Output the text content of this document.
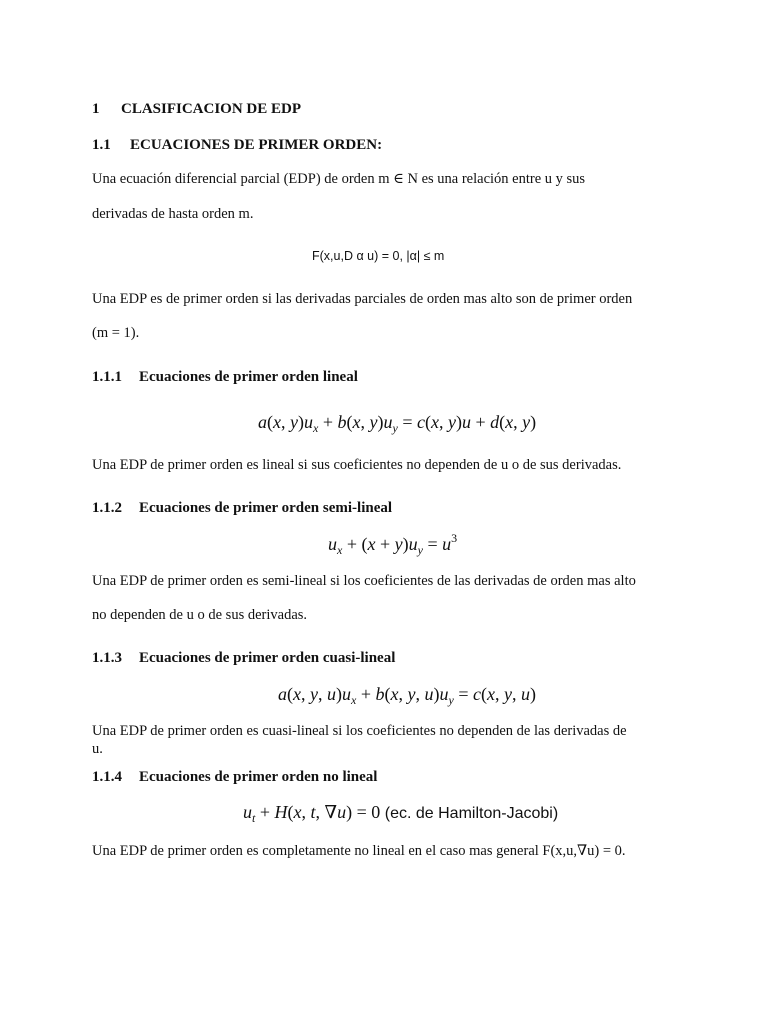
1 CLASIFICACION DE EDP
1.1 ECUACIONES DE PRIMER ORDEN:
Una ecuación diferencial parcial (EDP) de orden m ∈ N es una relación entre u y sus
derivadas de hasta orden m.
F(x,u,D α u) = 0, |α| ≤ m
Una EDP es de primer orden si las derivadas parciales de orden mas alto son de primer orden
(m = 1).
1.1.1 Ecuaciones de primer orden lineal
a(x, $y)u_x + b(x$, $y)u_y = c(x$, y)u + d(x, y)
Una EDP de primer orden es lineal si sus coeficientes no dependen de u o de sus derivadas.
1.1.2 Ecuaciones de primer orden semi-lineal
$u_x + (x + y)u_y = u^3$
Una EDP de primer orden es semi-lineal si los coeficientes de las derivadas de orden mas alto
no dependen de u o de sus derivadas.
1.1.3 Ecuaciones de primer orden cuasi-lineal
a(x, y, $u)u_x + b(x$, y, $u)u_y = c(x$, y, u)
Una EDP de primer orden es cuasi-lineal si los coeficientes no dependen de las derivadas de
u.
1.1.4 Ecuaciones de primer orden no lineal
$u_t + H(x$, t, ∇u) = 0 (ec. de Hamilton-Jacobi)
Una EDP de primer orden es completamente no lineal en el caso mas general F(x,u,∇u) = 0.
